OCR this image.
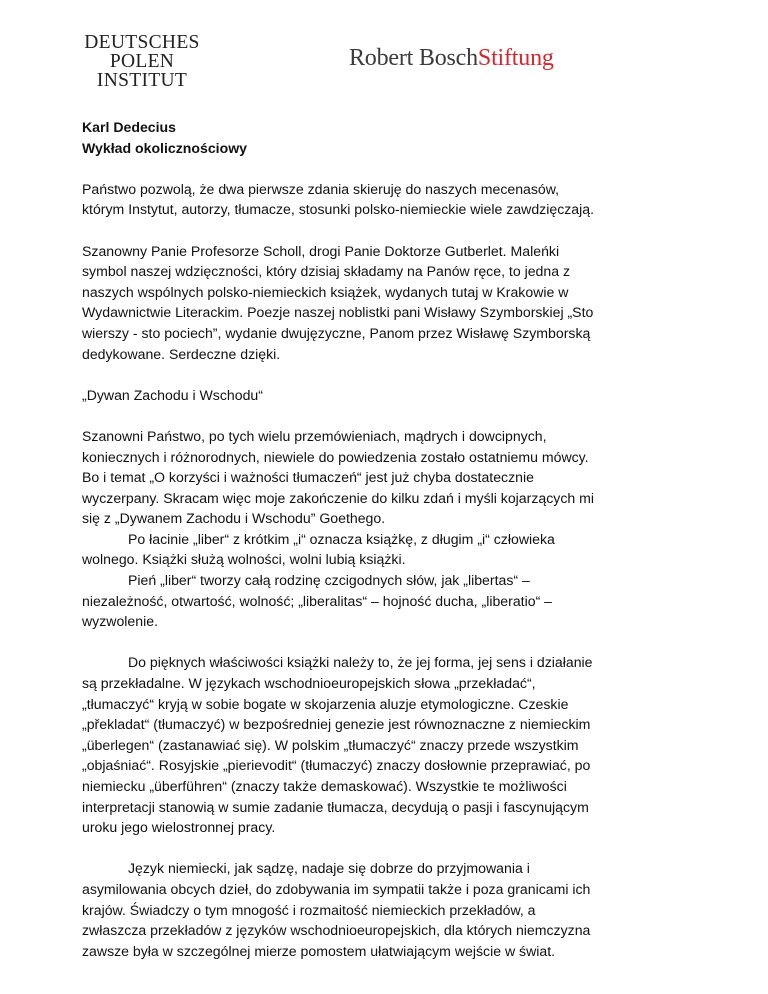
DEUTSCHES
POLEN
INSTITUT
Robert BoschStiftung

Karl Dedecius

Wykład okolicznościowy

Państwo pozwolą, że dwa pierwsze zdania skieruję do naszych mecenasów, którym Instytut, autorzy, tłumacze, stosunki polsko-niemieckie wiele zawdzięczają.

Szanowny Panie Profesorze Scholl, drogi Panie Doktorze Gutberlet. Maleńki symbol naszej wdzięczności, który dzisiaj składamy na Panów ręce, to jedna z naszych wspólnych polsko-niemieckich książek, wydanych tutaj w Krakowie w Wydawnictwie Literackim. Poezje naszej noblistki pani Wisławy Szymborskiej „Sto wierszy - sto pociech”, wydanie dwujęzyczne, Panom przez Wisławę Szymborską dedykowane. Serdeczne dzięki.

„Dywan Zachodu i Wschodu“

Szanowni Państwo, po tych wielu przemówieniach, mądrych i dowcipnych, koniecznych i różnorodnych, niewiele do powiedzenia zostało ostatniemu mówcy. Bo i temat „O korzyści i ważności tłumaczeń“ jest już chyba dostatecznie wyczerpany. Skracam więc moje zakończenie do kilku zdań i myśli kojarzących mi się z „Dywanem Zachodu i Wschodu” Goethego.

Po łacinie „liber“ z krótkim „i“ oznacza książkę, z długim „i“ człowieka wolnego. Książki służą wolności, wolni lubią książki.

Pień „liber“ tworzy całą rodzinę czcigodnych słów, jak „libertas“ – niezależność, otwartość, wolność; „liberalitas“ – hojność ducha, „liberatio“ – wyzwolenie.

Do pięknych właściwości książki należy to, że jej forma, jej sens i działanie są przekładalne. W językach wschodnioeuropejskich słowa „przekładać“, „tłumaczyć“ kryją w sobie bogate w skojarzenia aluzje etymologiczne. Czeskie „překladat“ (tłumaczyć) w bezpośredniej genezie jest równoznaczne z niemieckim „überlegen“ (zastanawiać się). W polskim „tłumaczyć“ znaczy przede wszystkim „objaśniać“. Rosyjskie „pierievodit“ (tłumaczyć) znaczy dosłownie przeprawiać, po niemiecku „überführen“ (znaczy także demaskować). Wszystkie te możliwości interpretacji stanowią w sumie zadanie tłumacza, decydują o pasji i fascynującym uroku jego wielostronnej pracy.

Język niemiecki, jak sądzę, nadaje się dobrze do przyjmowania i asymilowania obcych dzieł, do zdobywania im sympatii także i poza granicami ich krajów. Świadczy o tym mnogość i rozmaitość niemieckich przekładów, a zwłaszcza przekładów z języków wschodnioeuropejskich, dla których niemczyzna zawsze była w szczególnej mierze pomostem ułatwiającym wejście w świat.
